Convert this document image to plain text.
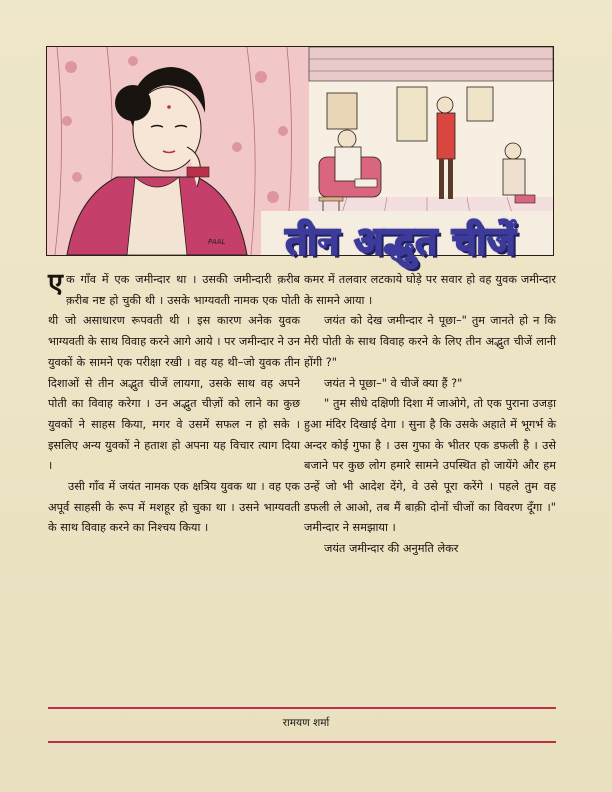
PAAL तीन अद्भुत चीजें

एक गाँव में एक जमीन्दार था । उसकी जमीन्दारी क़रीब क़रीब नष्ट हो चुकी थी । उसके भाग्यवती नामक एक पोती थी जो असाधारण रूपवती थी । इस कारण अनेक युवक भाग्यवती के साथ विवाह करने आगे आये । पर जमीन्दार ने उन युवकों के सामने एक परीक्षा रखी । वह यह थी–जो युवक तीन दिशाओं से तीन अद्भुत चीजें लायगा, उसके साथ वह अपने पोती का विवाह करेगा । उन अद्भुत चीज़ों को लाने का कुछ युवकों ने साहस किया, मगर वे उसमें सफल न हो सके । इसलिए अन्य युवकों ने हताश हो अपना यह विचार त्याग दिया ।

उसी गाँव में जयंत नामक एक क्षत्रिय युवक था । वह एक अपूर्व साहसी के रूप में मशहूर हो चुका था । उसने भाग्यवती के साथ विवाह करने का निश्चय किया ।

कमर में तलवार लटकाये घोड़े पर सवार हो वह युवक जमीन्दार के सामने आया ।

जयंत को देख जमीन्दार ने पूछा–" तुम जानते हो न कि मेरी पोती के साथ विवाह करने के लिए तीन अद्भुत चीजें लानी होंगी ?"

जयंत ने पूछा–" वे चीजें क्या हैं ?"

" तुम सीधे दक्षिणी दिशा में जाओगे, तो एक पुराना उजड़ा हुआ मंदिर दिखाई देगा । सुना है कि उसके अहाते में भूगर्भ के अन्दर कोई गुफा है । उस गुफा के भीतर एक डफली है । उसे बजाने पर कुछ लोग हमारे सामने उपस्थित हो जायेंगे और हम उन्हें जो भी आदेश देंगे, वे उसे पूरा करेंगे । पहले तुम वह डफली ले आओ, तब मैं बाक़ी दोनों चीजों का विवरण दूँगा ।" जमीन्दार ने समझाया ।

जयंत जमीन्दार की अनुमति लेकर

रामयण शर्मा
